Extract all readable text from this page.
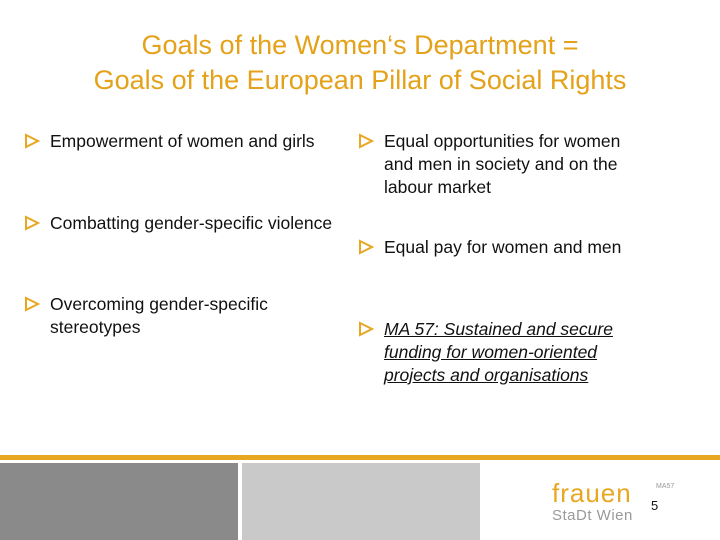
Goals of the Women‘s Department =
Goals of the European Pillar of Social Rights
Empowerment of women and girls
Combatting gender-specific violence
Overcoming gender-specific stereotypes
Equal opportunities for women and men in society and on the labour market
Equal pay for women and men
MA 57: Sustained and secure funding for women-oriented projects and organisations
frauen	MA57
StaDt Wien
5
